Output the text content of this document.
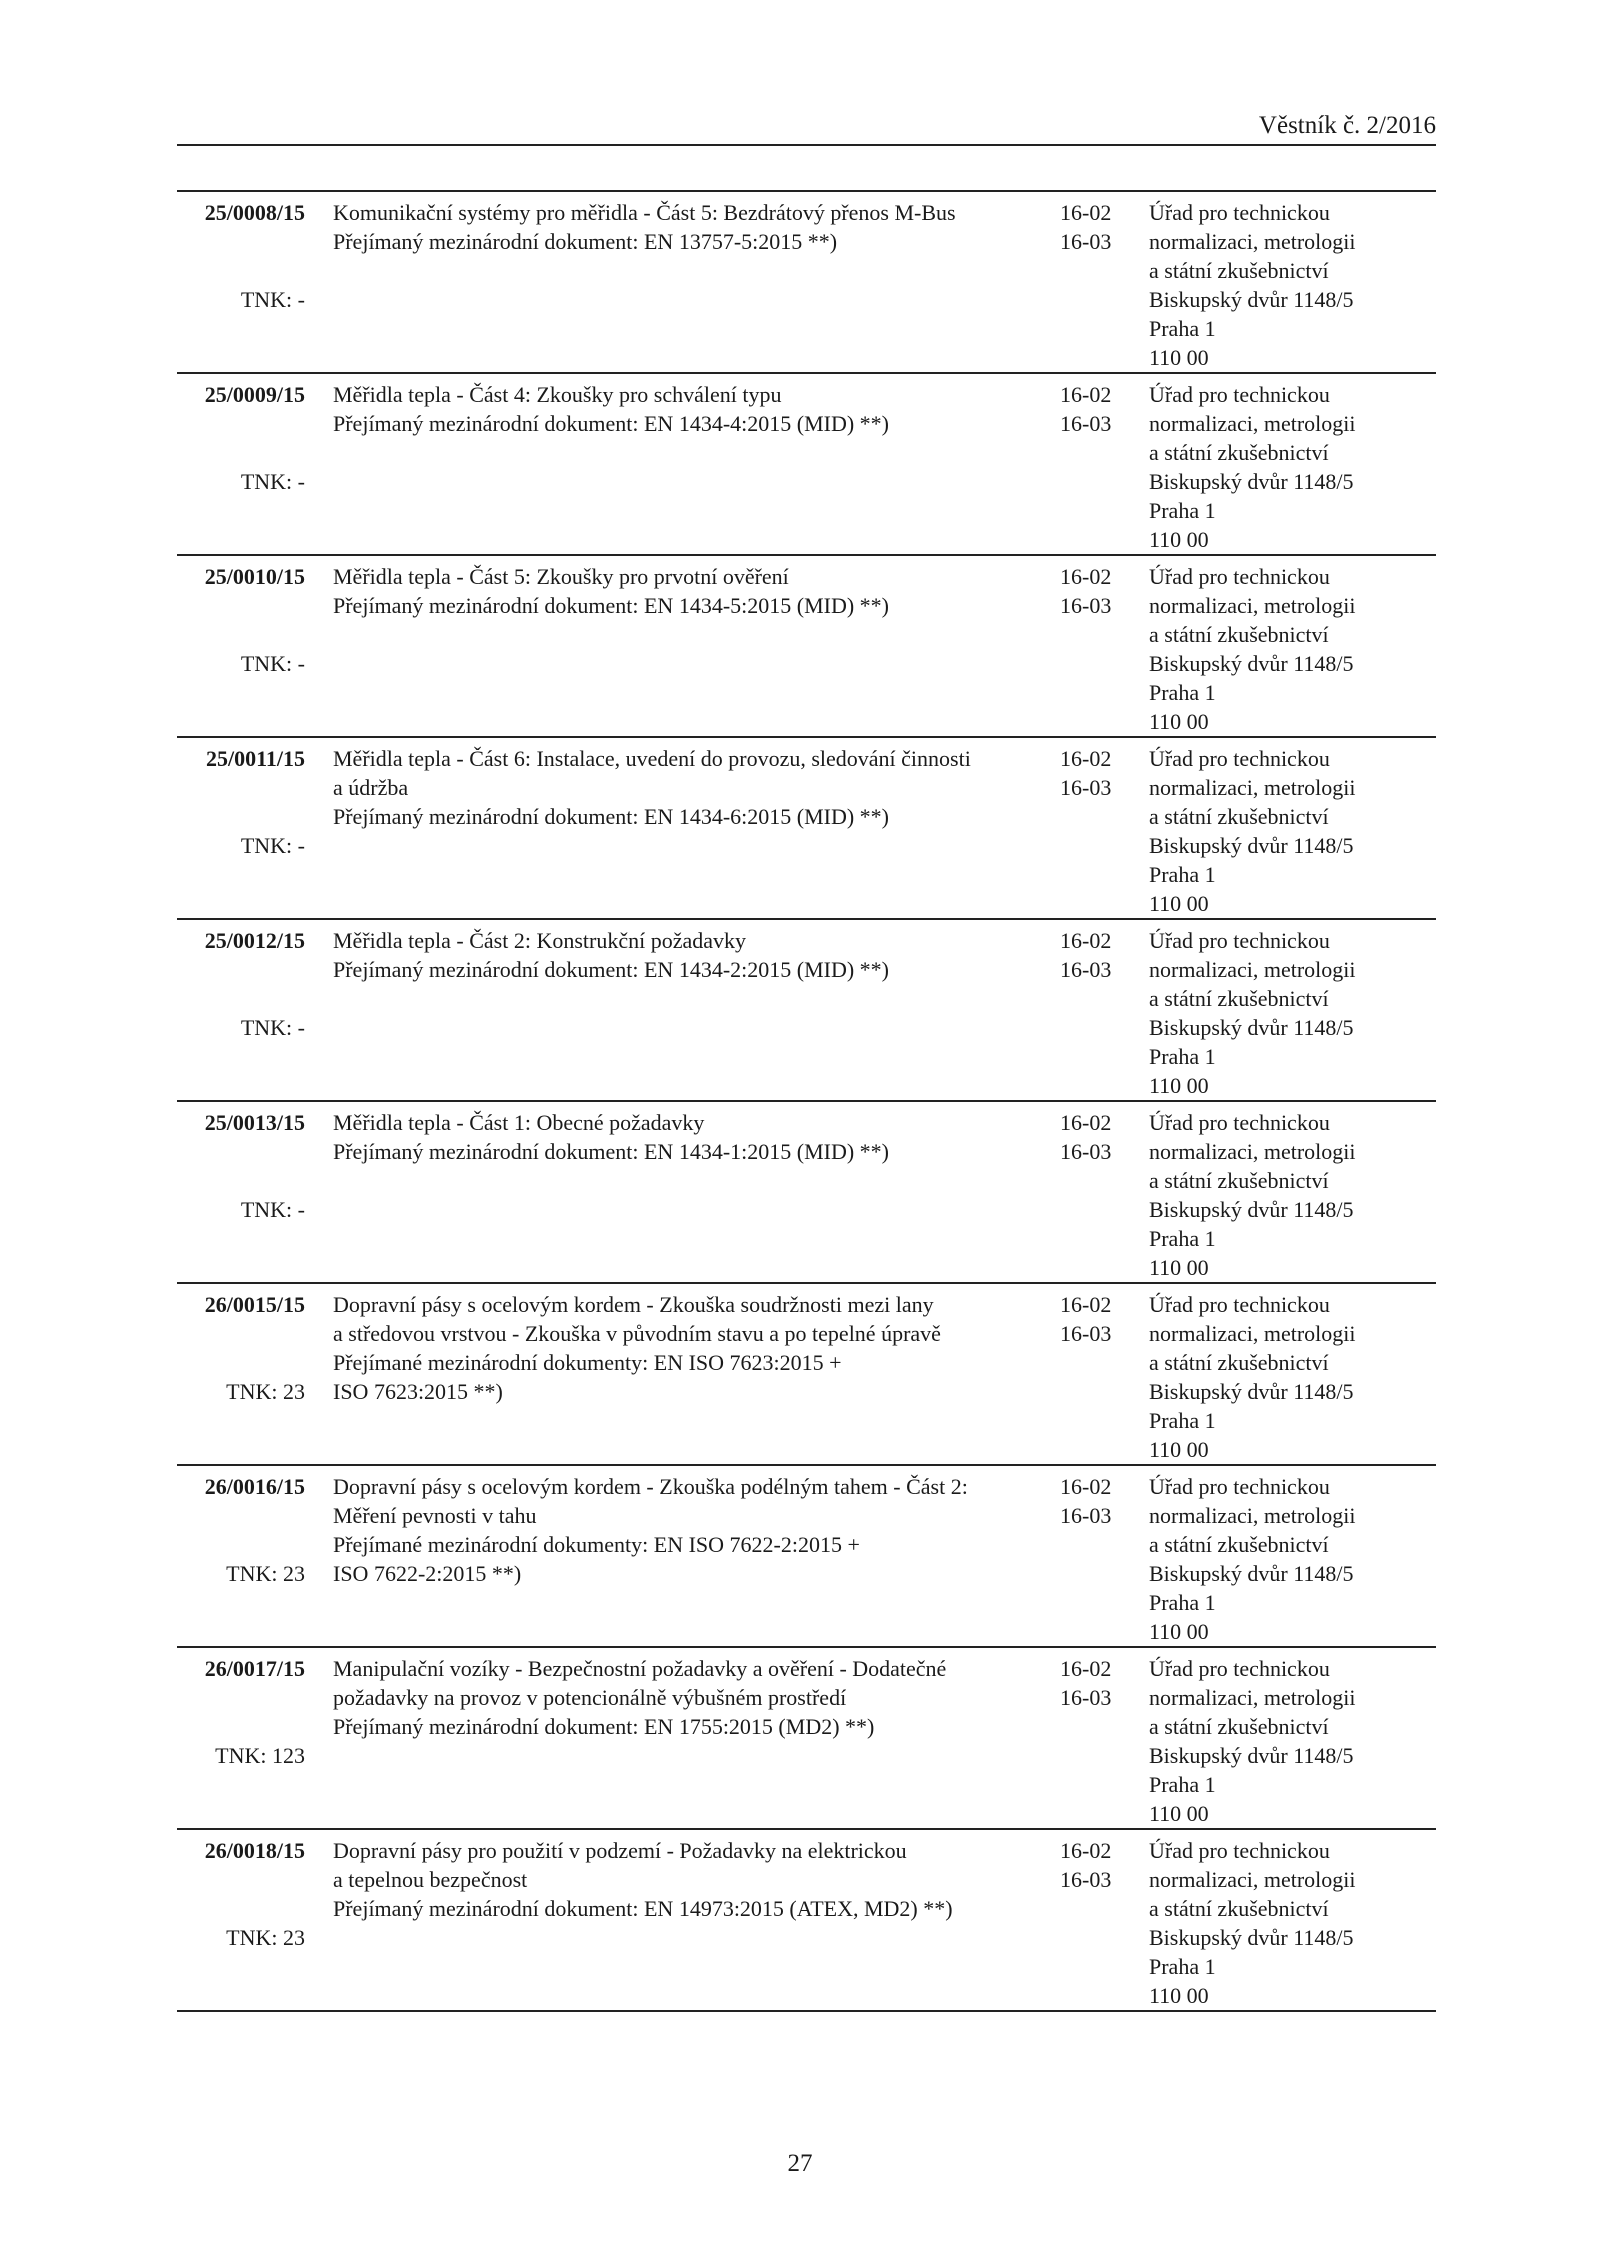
Věstník č. 2/2016
25/0008/15
TNK: -
Komunikační systémy pro měřidla - Část 5: Bezdrátový přenos M-Bus
Přejímaný mezinárodní dokument: EN 13757-5:2015 **)
16-02
16-03
Úřad pro technickou
normalizaci, metrologii
a státní zkušebnictví
Biskupský dvůr 1148/5
Praha 1
110 00
25/0009/15
TNK: -
Měřidla tepla - Část 4: Zkoušky pro schválení typu
Přejímaný mezinárodní dokument: EN 1434-4:2015 (MID) **)
16-02
16-03
Úřad pro technickou
normalizaci, metrologii
a státní zkušebnictví
Biskupský dvůr 1148/5
Praha 1
110 00
25/0010/15
TNK: -
Měřidla tepla - Část 5: Zkoušky pro prvotní ověření
Přejímaný mezinárodní dokument: EN 1434-5:2015 (MID) **)
16-02
16-03
Úřad pro technickou
normalizaci, metrologii
a státní zkušebnictví
Biskupský dvůr 1148/5
Praha 1
110 00
25/0011/15
TNK: -
Měřidla tepla - Část 6: Instalace, uvedení do provozu, sledování činnosti
a údržba
Přejímaný mezinárodní dokument: EN 1434-6:2015 (MID) **)
16-02
16-03
Úřad pro technickou
normalizaci, metrologii
a státní zkušebnictví
Biskupský dvůr 1148/5
Praha 1
110 00
25/0012/15
TNK: -
Měřidla tepla - Část 2: Konstrukční požadavky
Přejímaný mezinárodní dokument: EN 1434-2:2015 (MID) **)
16-02
16-03
Úřad pro technickou
normalizaci, metrologii
a státní zkušebnictví
Biskupský dvůr 1148/5
Praha 1
110 00
25/0013/15
TNK: -
Měřidla tepla - Část 1: Obecné požadavky
Přejímaný mezinárodní dokument: EN 1434-1:2015 (MID) **)
16-02
16-03
Úřad pro technickou
normalizaci, metrologii
a státní zkušebnictví
Biskupský dvůr 1148/5
Praha 1
110 00
26/0015/15
TNK: 23
Dopravní pásy s ocelovým kordem - Zkouška soudržnosti mezi lany
a středovou vrstvou - Zkouška v původním stavu a po tepelné úpravě
Přejímané mezinárodní dokumenty: EN ISO 7623:2015 +
ISO 7623:2015 **)
16-02
16-03
Úřad pro technickou
normalizaci, metrologii
a státní zkušebnictví
Biskupský dvůr 1148/5
Praha 1
110 00
26/0016/15
TNK: 23
Dopravní pásy s ocelovým kordem - Zkouška podélným tahem - Část 2:
Měření pevnosti v tahu
Přejímané mezinárodní dokumenty: EN ISO 7622-2:2015 +
ISO 7622-2:2015 **)
16-02
16-03
Úřad pro technickou
normalizaci, metrologii
a státní zkušebnictví
Biskupský dvůr 1148/5
Praha 1
110 00
26/0017/15
TNK: 123
Manipulační vozíky - Bezpečnostní požadavky a ověření - Dodatečné
požadavky na provoz v potencionálně výbušném prostředí
Přejímaný mezinárodní dokument: EN 1755:2015 (MD2) **)
16-02
16-03
Úřad pro technickou
normalizaci, metrologii
a státní zkušebnictví
Biskupský dvůr 1148/5
Praha 1
110 00
26/0018/15
TNK: 23
Dopravní pásy pro použití v podzemí - Požadavky na elektrickou
a tepelnou bezpečnost
Přejímaný mezinárodní dokument: EN 14973:2015 (ATEX, MD2) **)
16-02
16-03
Úřad pro technickou
normalizaci, metrologii
a státní zkušebnictví
Biskupský dvůr 1148/5
Praha 1
110 00
27
